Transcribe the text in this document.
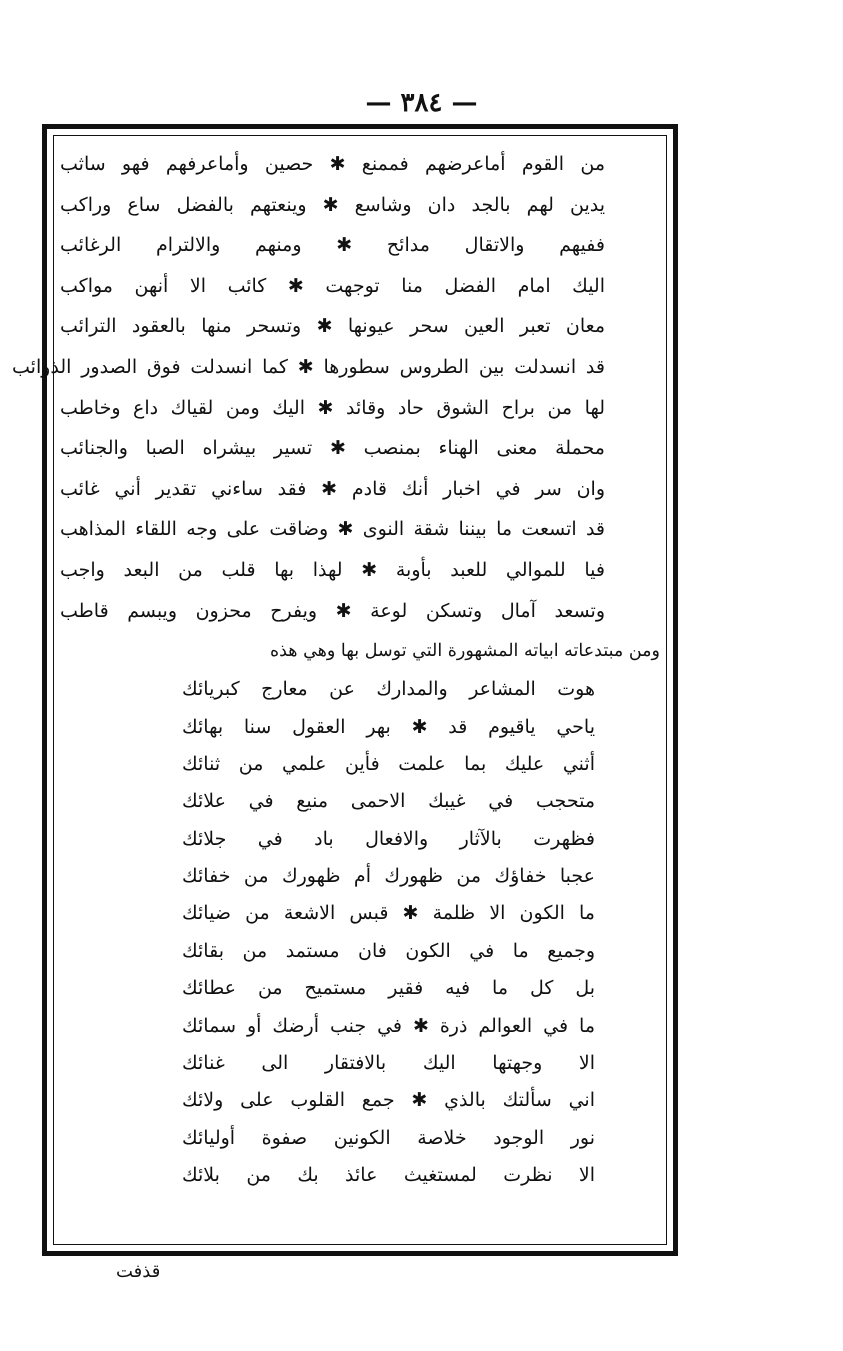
— ٣٨٤ —
من القوم أماعرضهم فممنع ✱ حصين وأماعرفهم فهو ساثب
يدين لهم بالجد دان وشاسع ✱ وينعتهم بالفضل ساع وراكب
ففيهم والاتقال مدائح ✱ ومنهم والالترام الرغائب
اليك امام الفضل منا توجهت ✱ كائب الا أنهن مواكب
معان تعبر العين سحر عيونها ✱ وتسحر منها بالعقود الترائب
قد انسدلت بين الطروس سطورها ✱ كما انسدلت فوق الصدور الذوائب
لها من براح الشوق حاد وقائد ✱ اليك ومن لقياك داع وخاطب
محملة معنى الهناء بمنصب ✱ تسير بيشراه الصبا والجنائب
وان سر في اخبار أنك قادم ✱ فقد ساءني تقدير أني غائب
قد اتسعت ما بيننا شقة النوى ✱ وضاقت على وجه اللقاء المذاهب
فيا للموالي للعبد بأوبة ✱ لهذا بها قلب من البعد واجب
وتسعد آمال وتسكن لوعة ✱ ويفرح محزون ويبسم قاطب
ومن مبتدعاته ابياته المشهورة التي توسل بها وهي هذه
هوت المشاعر والمدارك عن معارج كبريائك
ياحي ياقيوم قد ✱ بهر العقول سنا بهائك
أثني عليك بما علمت فأين علمي من ثنائك
متحجب في غيبك الاحمى منيع في علائك
فظهرت بالآثار والافعال باد في جلائك
عجبا خفاؤك من ظهورك أم ظهورك من خفائك
ما الكون الا ظلمة ✱ قبس الاشعة من ضيائك
وجميع ما في الكون فان مستمد من بقائك
بل كل ما فيه فقير مستميح من عطائك
ما في العوالم ذرة ✱ في جنب أرضك أو سمائك
الا وجهتها اليك بالافتقار الى غنائك
اني سألتك بالذي ✱ جمع القلوب على ولائك
نور الوجود خلاصة الكونين صفوة أوليائك
الا نظرت لمستغيث عائذ بك من بلائك
قذفت
